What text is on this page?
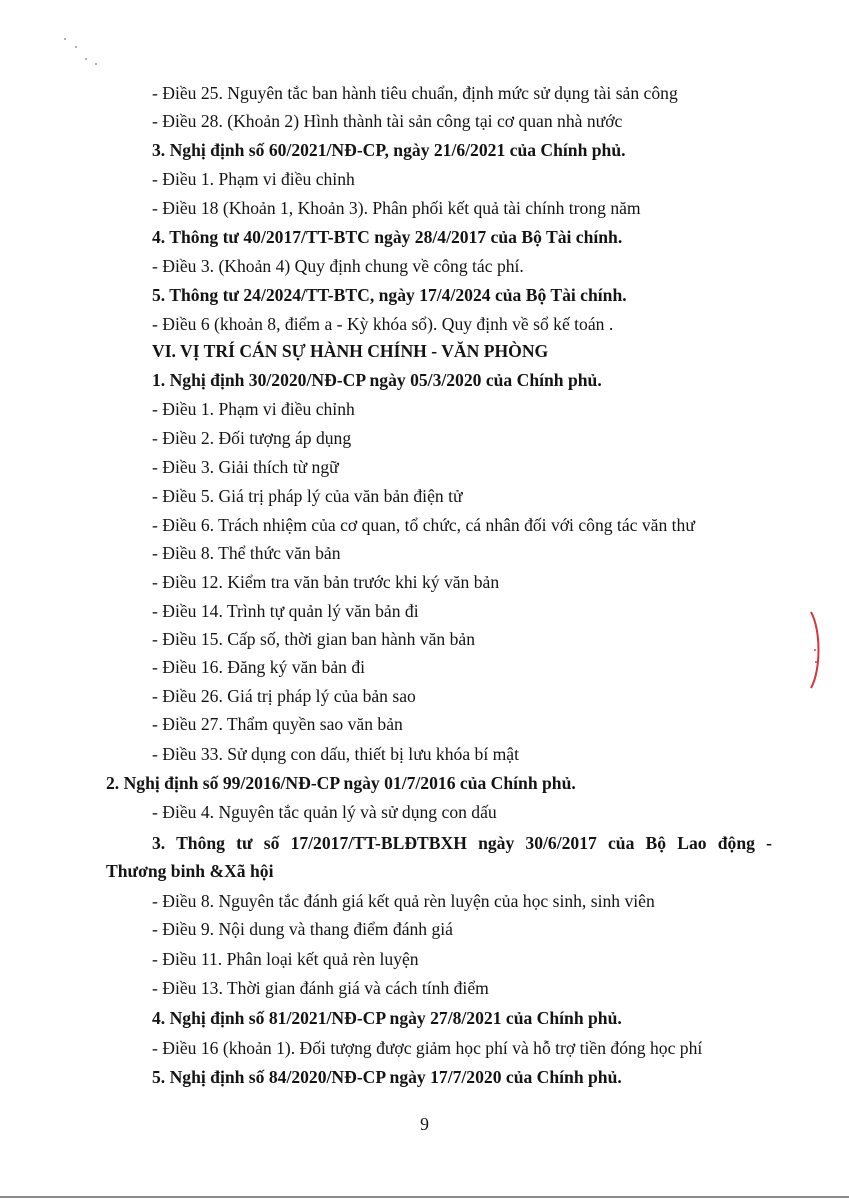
- Điều 25. Nguyên tắc ban hành tiêu chuẩn, định mức sử dụng tài sản công
- Điều 28. (Khoản 2) Hình thành tài sản công tại cơ quan nhà nước
3. Nghị định số 60/2021/NĐ-CP, ngày 21/6/2021 của Chính phủ.
- Điều 1. Phạm vi điều chỉnh
- Điều 18 (Khoản 1, Khoản 3). Phân phối kết quả tài chính trong năm
4. Thông tư 40/2017/TT-BTC ngày 28/4/2017 của Bộ Tài chính.
- Điều 3. (Khoản 4) Quy định chung về công tác phí.
5. Thông tư 24/2024/TT-BTC, ngày 17/4/2024 của Bộ Tài chính.
- Điều 6 (khoản 8, điểm a - Kỳ khóa sổ). Quy định về sổ kế toán .
VI. VỊ TRÍ CÁN SỰ HÀNH CHÍNH - VĂN PHÒNG
1. Nghị định 30/2020/NĐ-CP ngày 05/3/2020 của Chính phủ.
- Điều 1. Phạm vi điều chỉnh
- Điều 2. Đối tượng áp dụng
- Điều 3. Giải thích từ ngữ
- Điều 5. Giá trị pháp lý của văn bản điện tử
- Điều 6. Trách nhiệm của cơ quan, tổ chức, cá nhân đối với công tác văn thư
- Điều 8. Thể thức văn bản
- Điều 12. Kiểm tra văn bản trước khi ký văn bản
- Điều 14. Trình tự quản lý văn bản đi
- Điều 15. Cấp số, thời gian ban hành văn bản
- Điều 16. Đăng ký văn bản đi
- Điều 26. Giá trị pháp lý của bản sao
- Điều 27. Thẩm quyền sao văn bản
- Điều 33. Sử dụng con dấu, thiết bị lưu khóa bí mật
2. Nghị định số 99/2016/NĐ-CP ngày 01/7/2016 của Chính phủ.
- Điều 4. Nguyên tắc quản lý và sử dụng con dấu
3. Thông tư số 17/2017/TT-BLĐTBXH ngày 30/6/2017 của Bộ Lao động -
Thương binh &Xã hội
- Điều 8. Nguyên tắc đánh giá kết quả rèn luyện của học sinh, sinh viên
- Điều 9. Nội dung và thang điểm đánh giá
- Điều 11. Phân loại kết quả rèn luyện
- Điều 13. Thời gian đánh giá và cách tính điểm
4. Nghị định số 81/2021/NĐ-CP ngày 27/8/2021 của Chính phủ.
- Điều 16 (khoản 1). Đối tượng được giảm học phí và hỗ trợ tiền đóng học phí
5. Nghị định số 84/2020/NĐ-CP ngày 17/7/2020 của Chính phủ.
9
